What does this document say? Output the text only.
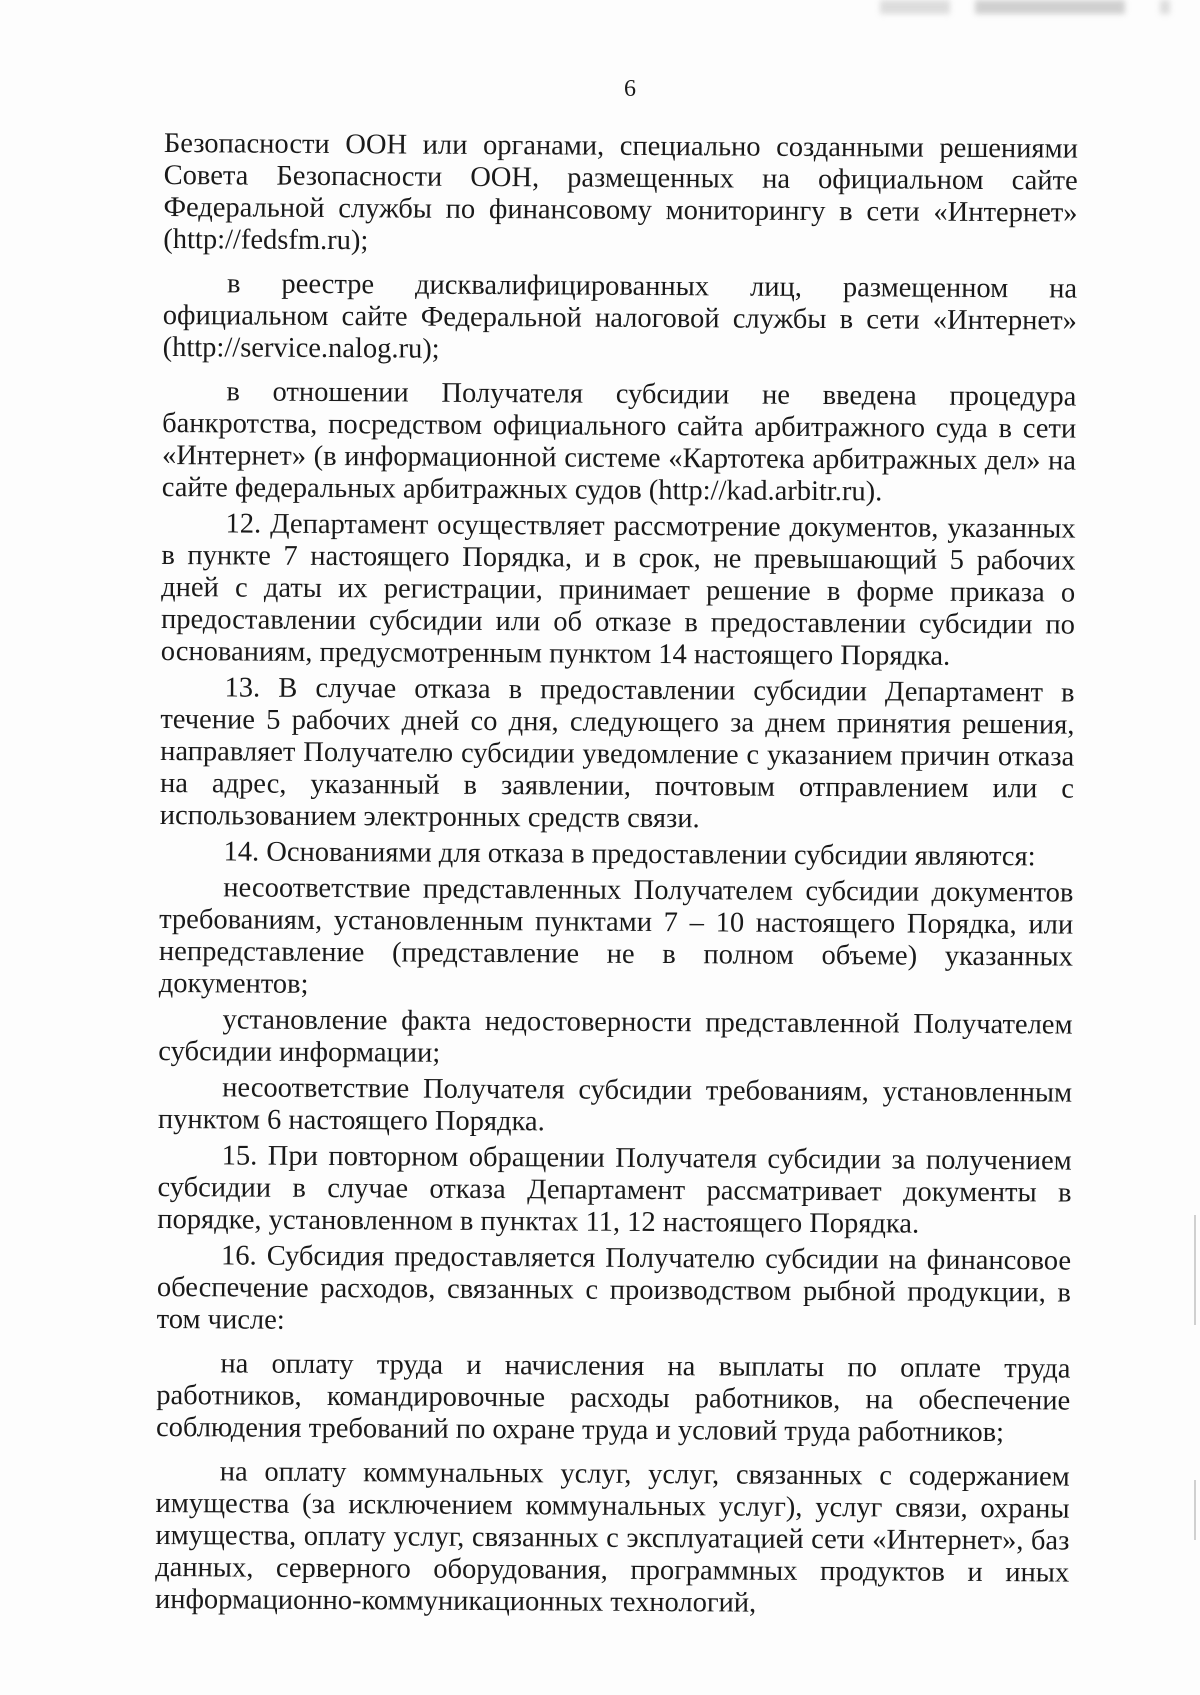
6

Безопасности ООН или органами, специально созданными решениями Совета Безопасности ООН, размещенных на официальном сайте Федеральной службы по финансовому мониторингу в сети «Интернет» (http://fedsfm.ru);

в реестре дисквалифицированных лиц, размещенном на официальном сайте Федеральной налоговой службы в сети «Интернет» (http://service.nalog.ru);

в отношении Получателя субсидии не введена процедура банкротства, посредством официального сайта арбитражного суда в сети «Интернет» (в информационной системе «Картотека арбитражных дел» на сайте федеральных арбитражных судов (http://kad.arbitr.ru).

12. Департамент осуществляет рассмотрение документов, указанных в пункте 7 настоящего Порядка, и в срок, не превышающий 5 рабочих дней с даты их регистрации, принимает решение в форме приказа о предоставлении субсидии или об отказе в предоставлении субсидии по основаниям, предусмотренным пунктом 14 настоящего Порядка.

13. В случае отказа в предоставлении субсидии Департамент в течение 5 рабочих дней со дня, следующего за днем принятия решения, направляет Получателю субсидии уведомление с указанием причин отказа на адрес, указанный в заявлении, почтовым отправлением или с использованием электронных средств связи.

14. Основаниями для отказа в предоставлении субсидии являются:

несоответствие представленных Получателем субсидии документов требованиям, установленным пунктами 7 – 10 настоящего Порядка, или непредставление (представление не в полном объеме) указанных документов;

установление факта недостоверности представленной Получателем субсидии информации;

несоответствие Получателя субсидии требованиям, установленным пунктом 6 настоящего Порядка.

15. При повторном обращении Получателя субсидии за получением субсидии в случае отказа Департамент рассматривает документы в порядке, установленном в пунктах 11, 12 настоящего Порядка.

16. Субсидия предоставляется Получателю субсидии на финансовое обеспечение расходов, связанных с производством рыбной продукции, в том числе:

на оплату труда и начисления на выплаты по оплате труда работников, командировочные расходы работников, на обеспечение соблюдения требований по охране труда и условий труда работников;

на оплату коммунальных услуг, услуг, связанных с содержанием имущества (за исключением коммунальных услуг), услуг связи, охраны имущества, оплату услуг, связанных с эксплуатацией сети «Интернет», баз данных, серверного оборудования, программных продуктов и иных информационно-коммуникационных технологий,
